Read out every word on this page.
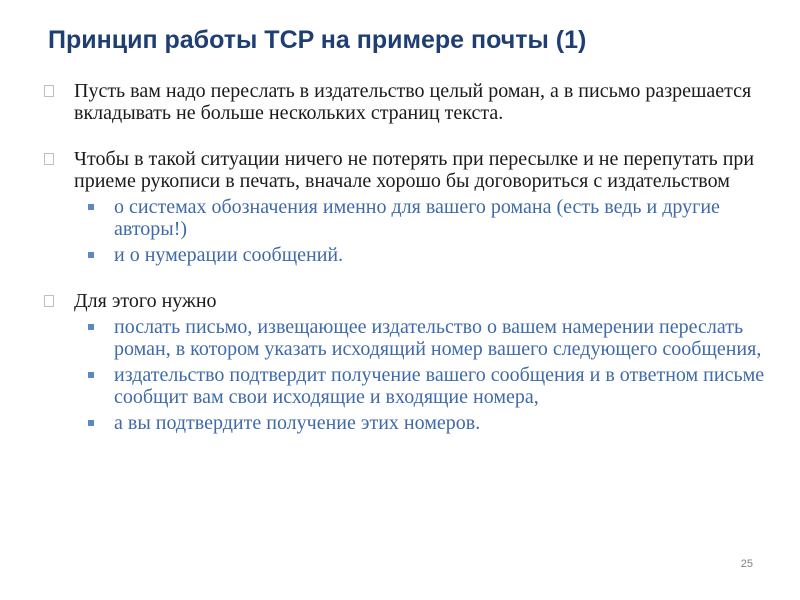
Принцип работы TCP на примере почты (1)
Пусть вам надо переслать в издательство целый роман, а в письмо разрешается вкладывать не больше нескольких страниц текста.
Чтобы в такой ситуации ничего не потерять при пересылке и не перепутать при приеме рукописи в печать, вначале хорошо бы договориться с издательством
о системах обозначения именно для вашего романа (есть ведь и другие авторы!)
и о нумерации сообщений.
Для этого нужно
послать письмо, извещающее издательство о вашем намерении переслать роман, в котором указать исходящий номер вашего следующего сообщения,
издательство подтвердит получение вашего сообщения и в ответном письме сообщит вам свои исходящие и входящие номера,
а вы подтвердите получение этих номеров.
25
